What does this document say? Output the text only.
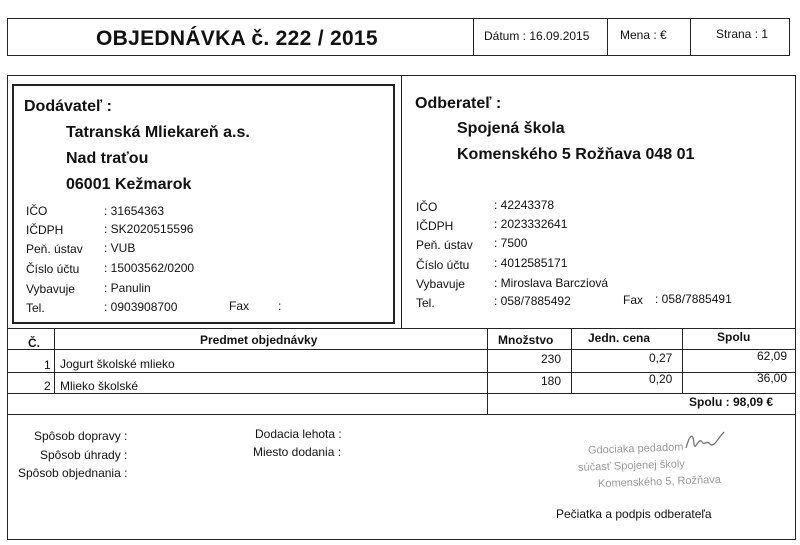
OBJEDNÁVKA č. 222 / 2015	Dátum : 16.09.2015	Mena : €	Strana : 1
Dodávateľ :
Tatranská Mliekareň a.s.
Nad traťou
06001 Kežmarok
IČO	: 31654363
IČDPH	: SK2020515596
Peň. ústav : VUB
Číslo účtu : 15003562/0200
Vybavuje : Panulin
Tel.	: 0903908700	Fax :
Odberateľ :
Spojená škola
Komenského 5 Rožňava 048 01
IČO	: 42243378
IČDPH	: 2023332641
Peň. ústav : 7500
Číslo účtu : 4012585171
Vybavuje : Miroslava Barcziová
Tel.	: 058/7885492	Fax : 058/7885491
Č.	Predmet objednávky	Množstvo	Jedn. cena	Spolu
1 Jogurt školské mlieko	230	0,27	62,09
2 Mlieko školské	180	0,20	36,00
Spolu : 98,09 €
Spôsob dopravy :
Spôsob úhrady :
Spôsob objednania :
Dodacia lehota :
Miesto dodania :	Gdociaka pedadom
súčasť Spojenej školy
Komenského 5, Rožňava
Pečiatka a podpis odberateľa
